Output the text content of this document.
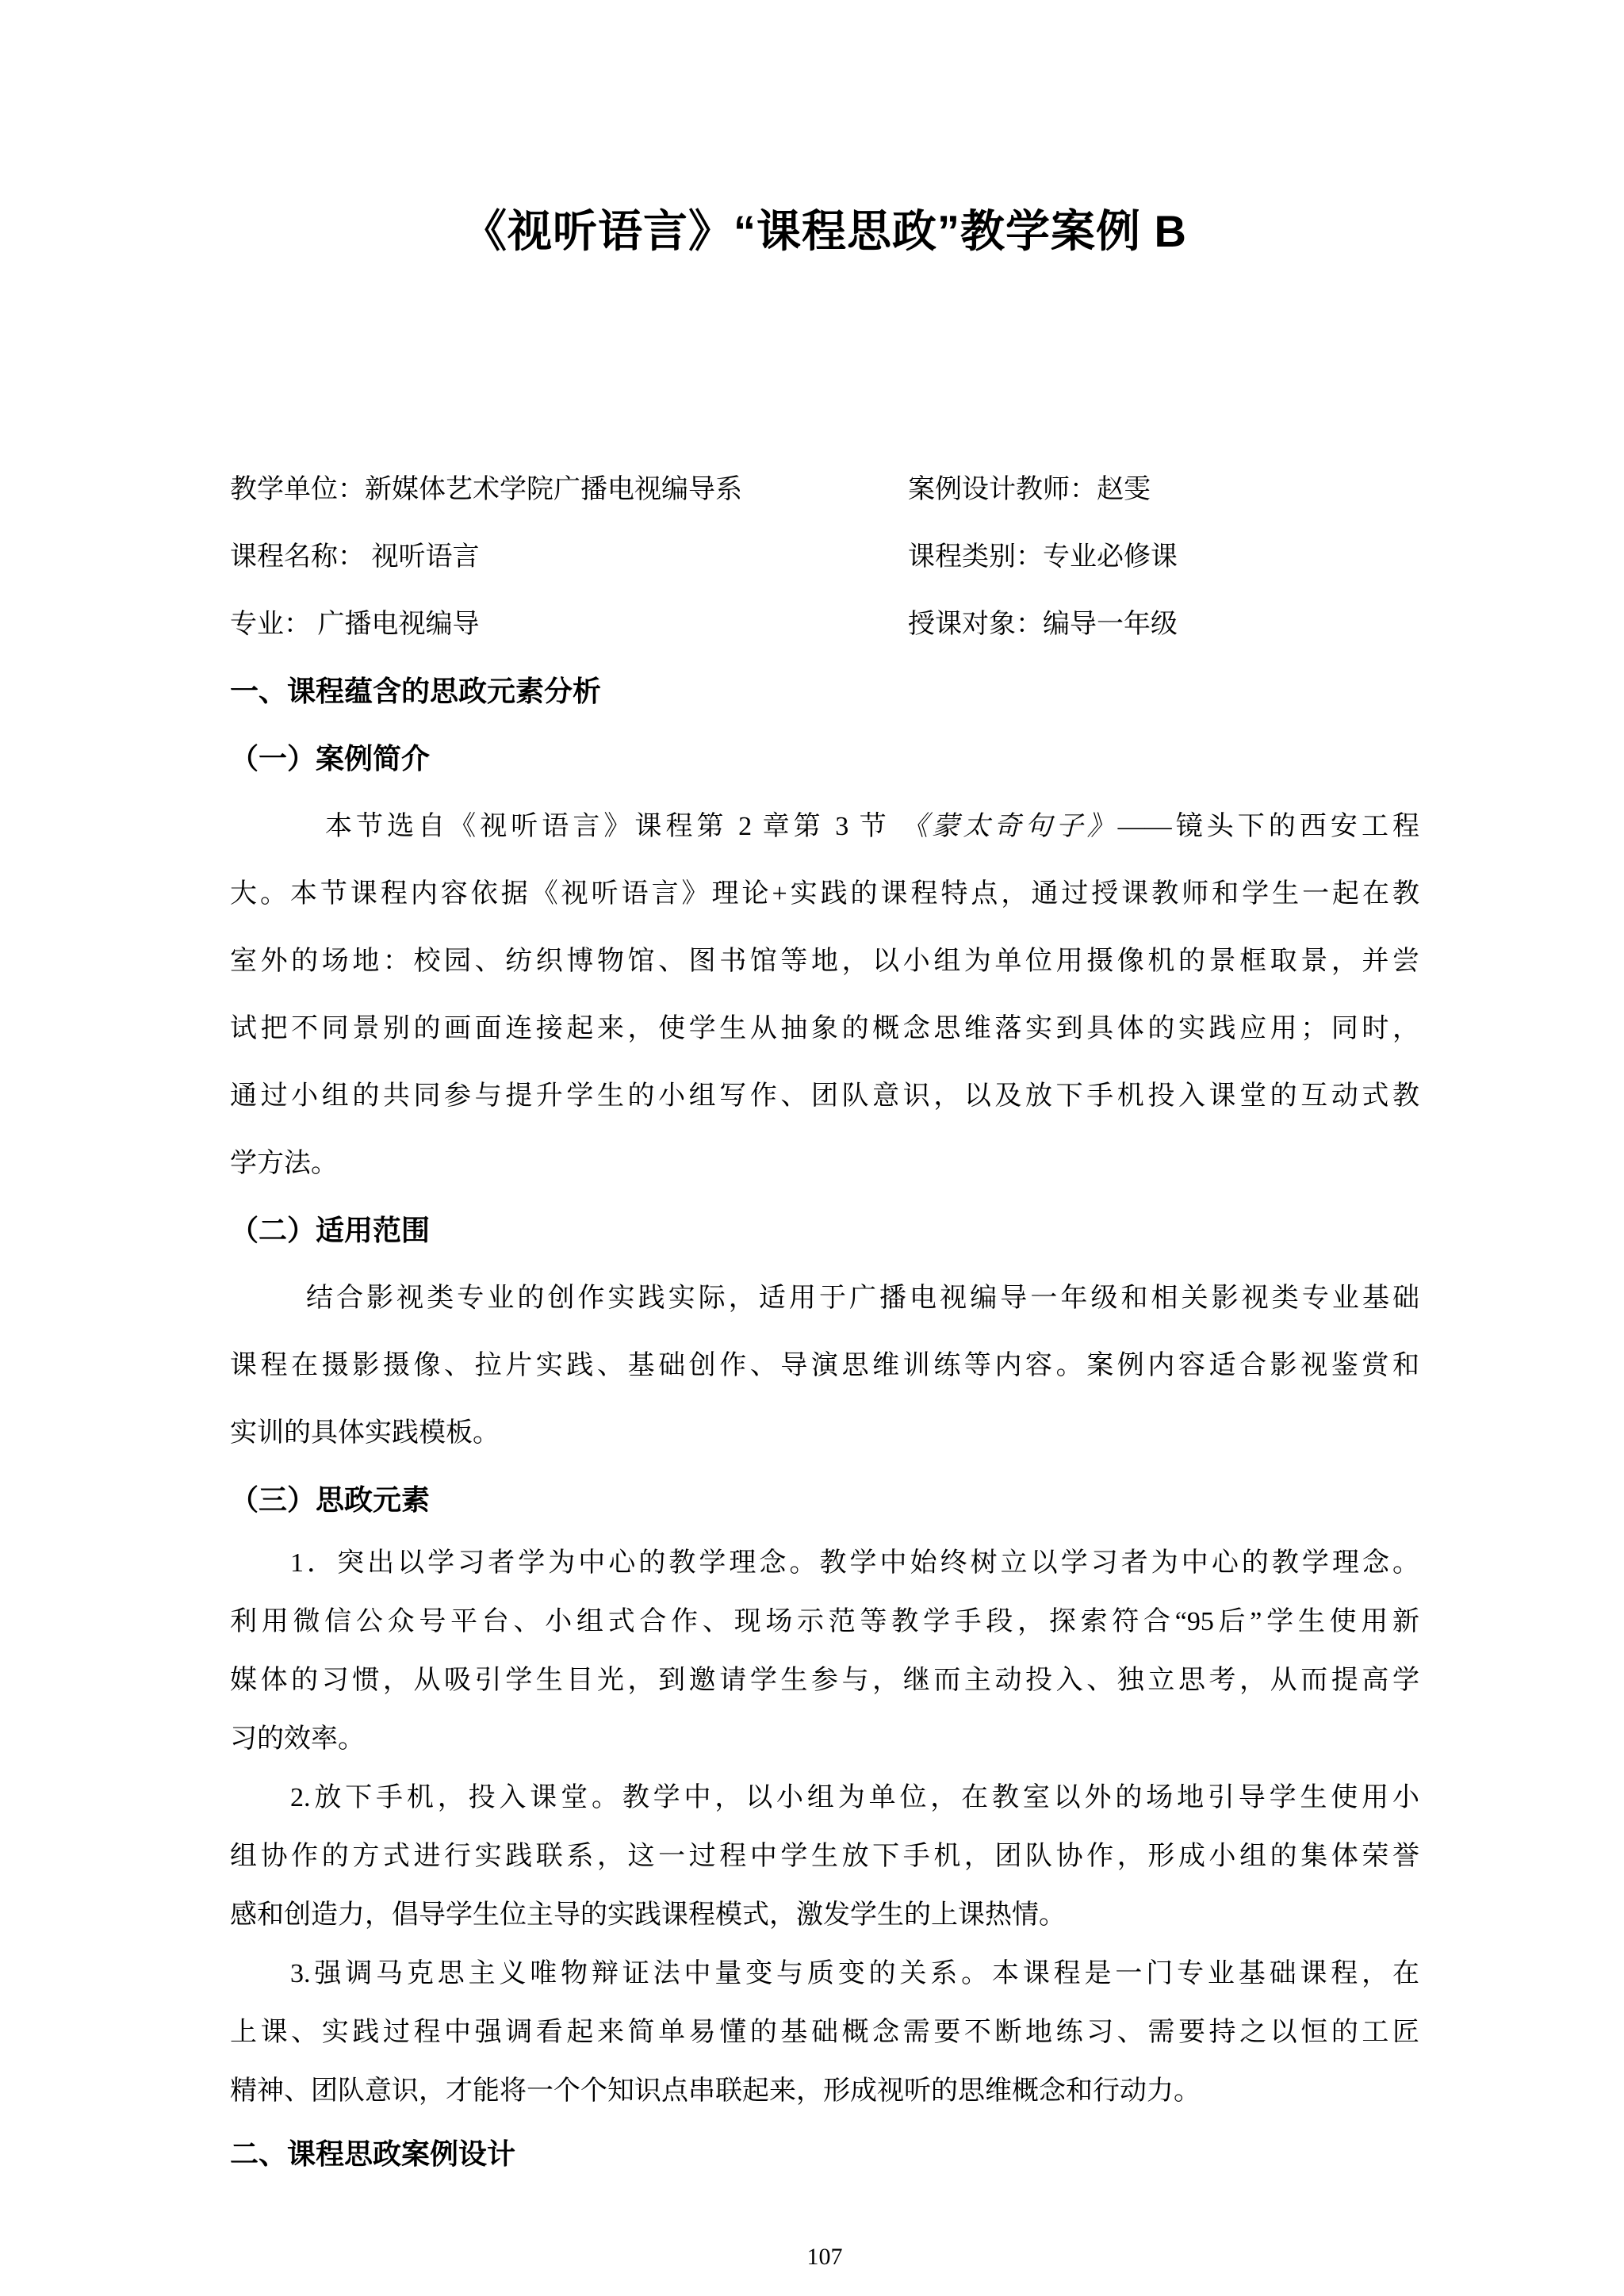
《视听语言》“课程思政”教学案例 B
教学单位：新媒体艺术学院广播电视编导系	案例设计教师：赵雯
课程名称： 视听语言	课程类别：专业必修课
专业： 广播电视编导	授课对象：编导一年级
一、课程蕴含的思政元素分析
（一）案例简介
本节选自《视听语言》课程第 2 章第 3 节 《蒙太奇句子》——镜头下的西安工程
大。本节课程内容依据《视听语言》理论+实践的课程特点，通过授课教师和学生一起在教
室外的场地：校园、纺织博物馆、图书馆等地，以小组为单位用摄像机的景框取景，并尝
试把不同景别的画面连接起来，使学生从抽象的概念思维落实到具体的实践应用；同时，
通过小组的共同参与提升学生的小组写作、团队意识，以及放下手机投入课堂的互动式教
学方法。
（二）适用范围
结合影视类专业的创作实践实际，适用于广播电视编导一年级和相关影视类专业基础
课程在摄影摄像、拉片实践、基础创作、导演思维训练等内容。案例内容适合影视鉴赏和
实训的具体实践模板。
（三）思政元素
1．突出以学习者学为中心的教学理念。教学中始终树立以学习者为中心的教学理念。
利用微信公众号平台、小组式合作、现场示范等教学手段，探索符合“95后”学生使用新
媒体的习惯，从吸引学生目光，到邀请学生参与，继而主动投入、独立思考，从而提高学
习的效率。
2.放下手机，投入课堂。教学中，以小组为单位，在教室以外的场地引导学生使用小
组协作的方式进行实践联系，这一过程中学生放下手机，团队协作，形成小组的集体荣誉
感和创造力，倡导学生位主导的实践课程模式，激发学生的上课热情。
3.强调马克思主义唯物辩证法中量变与质变的关系。本课程是一门专业基础课程，在
上课、实践过程中强调看起来简单易懂的基础概念需要不断地练习、需要持之以恒的工匠
精神、团队意识，才能将一个个知识点串联起来，形成视听的思维概念和行动力。
二、课程思政案例设计
107
